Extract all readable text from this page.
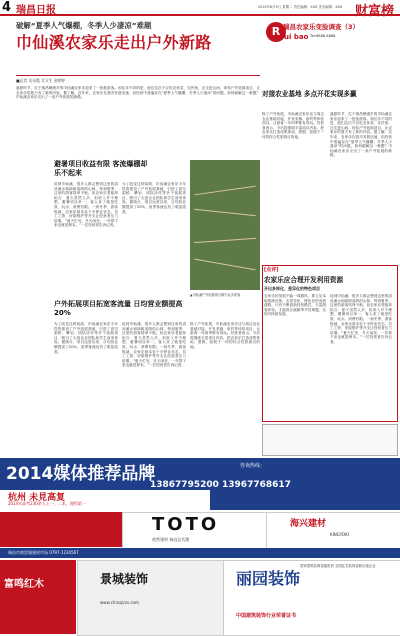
4 瑞昌日报	2014年8月5日 星期二 责任编辑：XXX 美术编辑：XXX 财富榜
破解“夏季人气爆棚，冬季人少凄凉”难题
巾仙溪农家乐走出户外新路
R 瑞昌农家乐变脸调查（3）
ui bao Tel:6888 6888
■记者 吴采霞 实习生 金婷婷
盛夏时节，位于瑞昌横港乡的巾仙溪农家乐迎来了一批批游客。和往年不同的是，他们这次不仅吃农家菜、住民宿，还走进山间，体验户外拓展项目，让农家乐的夏天有了新的内容。据了解，近年来，农家乐在我市发展迅速，但经营中普遍存在“夏季人气爆棚、冬季人少凄凉”的问题，如何破解这一难题？巾仙溪农家乐走出了一条户外拓展的新路。
避暑项目收益有限 客流爆棚却乐不起来
说到巾仙溪，很多人都会想到这里的清凉溪水和绿树成荫的山林，每到夏季，这里的游客络绎不绝。但农家乐老板却坦言：夏天虽然人多，但收入并不理想，避暑项目单一，客人来了就是吃饭、玩水，消费有限。一到冬季，游客锐减，农家乐基本处于半停业状态，员工工资、房屋维护等开支让经营者压力倍增。“夏天忙死，冬天闲死，一年算下来也就是保本。”一位经营者告诉记者。
为了改变这种局面，巾仙溪农家乐今年投资建设了户外拓展基地，引进了高空索桥、攀岩、团队协作等多个拓展项目，吸引了大批企业团队和学生前来体验。据统计，项目运营以来，日均营业额提高了20%，淡季客流也有了明显改善。
▲巾仙溪户外拓展项目吸引众多游客
户外拓展项目拓宽客流量 日均营业额提高20%
为了改变这种局面，巾仙溪农家乐今年投资建设了户外拓展基地，引进了高空索桥、攀岩、团队协作等多个拓展项目，吸引了大批企业团队和学生前来体验。据统计，项目运营以来，日均营业额提高了20%，淡季客流也有了明显改善。
说到巾仙溪，很多人都会想到这里的清凉溪水和绿树成荫的山林，每到夏季，这里的游客络绎不绝。但农家乐老板却坦言：夏天虽然人多，但收入并不理想，避暑项目单一，客人来了就是吃饭、玩水，消费有限。一到冬季，游客锐减，农家乐基本处于半停业状态，员工工资、房屋维护等开支让经营者压力倍增。“夏天忙死，冬天闲死，一年算下来也就是保本。”一位经营者告诉记者。
除了户外拓展，巾仙溪农家乐还与周边农业基地对接，开发采摘、垂钓等体验项目，让游客一年四季都有得玩。经营者表示，今后将继续丰富项目内容，把农家乐打造成集休闲、度假、拓展于一体的综合性旅游目的地。
对接农业基地 多点开花实现多赢
除了户外拓展，巾仙溪农家乐还与周边农业基地对接，开发采摘、垂钓等体验项目，让游客一年四季都有得玩。经营者表示，今后将继续丰富项目内容，把农家乐打造成集休闲、度假、拓展于一体的综合性旅游目的地。
盛夏时节，位于瑞昌横港乡的巾仙溪农家乐迎来了一批批游客。和往年不同的是，他们这次不仅吃农家菜、住民宿，还走进山间，体验户外拓展项目，让农家乐的夏天有了新的内容。据了解，近年来，农家乐在我市发展迅速，但经营中普遍存在“夏季人气爆棚、冬季人少凄凉”的问题，如何破解这一难题？巾仙溪农家乐走出了一条户外拓展的新路。
[点评]
农家乐应合理开发利用资源
开出多样化、差异化的特色项目
农家乐的发展不能一味跟风，要立足本地资源优势，走差异化、特色化的发展道路。只有不断创新经营模式，丰富游客体验，才能真正破解季节性难题，实现可持续发展。
说到巾仙溪，很多人都会想到这里的清凉溪水和绿树成荫的山林，每到夏季，这里的游客络绎不绝。但农家乐老板却坦言：夏天虽然人多，但收入并不理想，避暑项目单一，客人来了就是吃饭、玩水，消费有限。一到冬季，游客锐减，农家乐基本处于半停业状态，员工工资、房屋维护等开支让经营者压力倍增。“夏天忙死，冬天闲死，一年算下来也就是保本。”一位经营者告诉记者。
2014媒体推荐品牌	咨询热线：
13867795200 13967768617
杭州 未見高复
2014年高考230余人上一、二本，理科第一
TOTO
欣然建材 瑞昌总代理
海兴建材
KINGYOKI
瑞昌市商贸城建材市场 0797-1234567
富鸣红木	景城装饰
www.chinajczs.com
丽园装饰
国家建筑装修壹级资质 全国住宅装饰装修百强企业
中国建筑装饰行业荣誉证书
